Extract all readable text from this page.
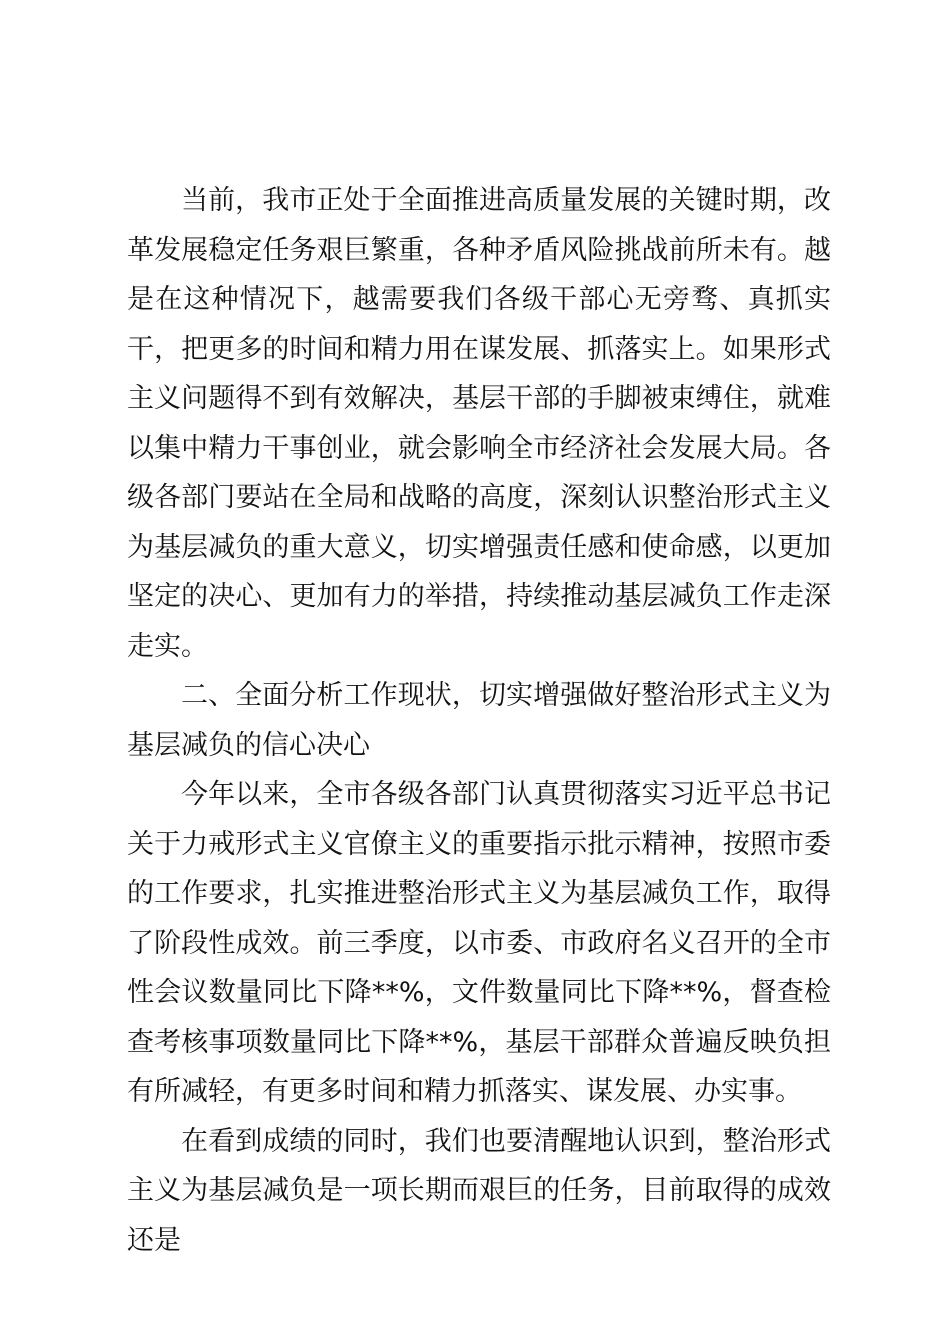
当前，我市正处于全面推进高质量发展的关键时期，改革发展稳定任务艰巨繁重，各种矛盾风险挑战前所未有。越是在这种情况下，越需要我们各级干部心无旁骛、真抓实干，把更多的时间和精力用在谋发展、抓落实上。如果形式主义问题得不到有效解决，基层干部的手脚被束缚住，就难以集中精力干事创业，就会影响全市经济社会发展大局。各级各部门要站在全局和战略的高度，深刻认识整治形式主义为基层减负的重大意义，切实增强责任感和使命感，以更加坚定的决心、更加有力的举措，持续推动基层减负工作走深走实。

二、全面分析工作现状，切实增强做好整治形式主义为基层减负的信心决心

今年以来，全市各级各部门认真贯彻落实习近平总书记关于力戒形式主义官僚主义的重要指示批示精神，按照市委的工作要求，扎实推进整治形式主义为基层减负工作，取得了阶段性成效。前三季度，以市委、市政府名义召开的全市性会议数量同比下降**%，文件数量同比下降**%，督查检查考核事项数量同比下降**%，基层干部群众普遍反映负担有所减轻，有更多时间和精力抓落实、谋发展、办实事。

在看到成绩的同时，我们也要清醒地认识到，整治形式主义为基层减负是一项长期而艰巨的任务，目前取得的成效还是
